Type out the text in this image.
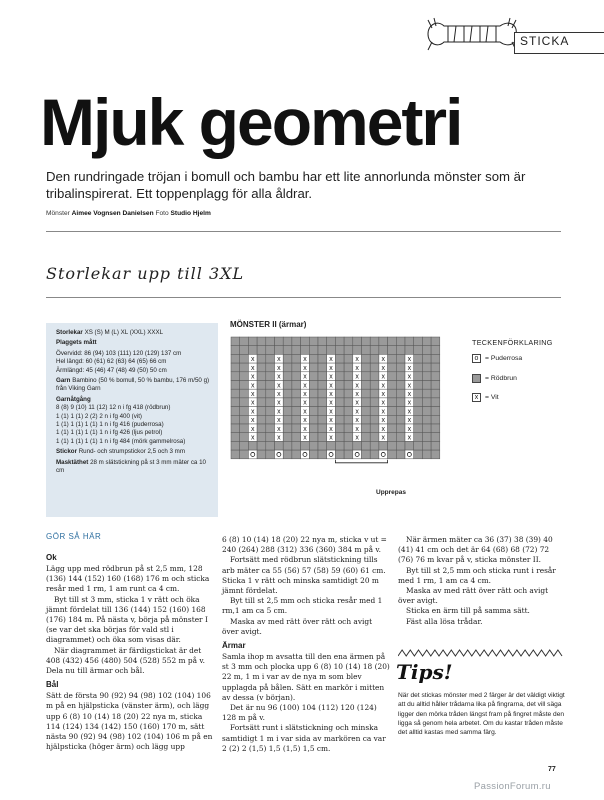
STICKA
Mjuk geometri
Den rundringade tröjan i bomull och bambu har ett lite annorlunda mönster som är tribalinspirerat. Ett toppenplagg för alla åldrar.
Mönster Aimee Vognsen Danielsen Foto Studio Hjelm
Storlekar upp till 3XL

Storlekar XS (S) M (L) XL (XXL) XXXL

Plaggets mått

Övervidd: 86 (94) 103 (111) 120 (129) 137 cm

Hel längd: 60 (61) 62 (63) 64 (65) 66 cm

Ärmlängd: 45 (46) 47 (48) 49 (50) 50 cm

Garn Bambino (50 % bomull, 50 % bambu, 176 m/50 g) från Viking Garn

Garnåtgång

8 (8) 9 (10) 11 (12) 12 n i fg 418 (rödbrun)

1 (1) 1 (1) 2 (2) 2 n i fg 400 (vit)

1 (1) 1 (1) 1 (1) 1 n i fg 416 (puderrosa)

1 (1) 1 (1) 1 (1) 1 n i fg 426 (ljus petrol)

1 (1) 1 (1) 1 (1) 1 n i fg 484 (mörk gammelrosa)

Stickor Rund- och strumpstickor 2,5 och 3 mm

Masktäthet 28 m slätstickning på st 3 mm mäter ca 10 cm

MÖNSTER II (ärmar)
x	x	x	x	x	x	x
x	x	x	x	x	x	x
x	x	x	x	x	x	x
x	x	x	x	x	x	x
x	x	x	x	x	x	x
x	x	x	x	x	x	x
x	x	x	x	x	x	x
x	x	x	x	x	x	x
x	x	x	x	x	x	x
x	x	x	x	x	x	x
Upprepas
TECKENFÖRKLARING
o = Puderrosa
= Rödbrun
x = Vit
GÖR SÅ HÄR
Ok

Lägg upp med rödbrun på st 2,5 mm, 128 (136) 144 (152) 160 (168) 176 m och sticka resår med 1 rm, 1 am runt ca 4 cm.

Byt till st 3 mm, sticka 1 v rätt och öka jämnt fördelat till 136 (144) 152 (160) 168 (176) 184 m. På nästa v, börja på mönster I (se var det ska börjas för vald stl i diagrammet) och öka som visas där.

När diagrammet är färdigstickat är det 408 (432) 456 (480) 504 (528) 552 m på v. Dela nu till ärmar och bål.

Bål

Sätt de första 90 (92) 94 (98) 102 (104) 106 m på en hjälpsticka (vänster ärm), och lägg upp 6 (8) 10 (14) 18 (20) 22 nya m, sticka 114 (124) 134 (142) 150 (160) 170 m, sätt nästa 90 (92) 94 (98) 102 (104) 106 m på en hjälpsticka (höger ärm) och lägg upp

6 (8) 10 (14) 18 (20) 22 nya m, sticka v ut = 240 (264) 288 (312) 336 (360) 384 m på v.

Fortsätt med rödbrun slätstickning tills arb mäter ca 55 (56) 57 (58) 59 (60) 61 cm. Sticka 1 v rätt och minska samtidigt 20 m jämnt fördelat.

Byt till st 2,5 mm och sticka resår med 1 rm,1 am ca 5 cm.

Maska av med rätt över rätt och avigt över avigt.

Ärmar

Samla ihop m avsatta till den ena ärmen på st 3 mm och plocka upp 6 (8) 10 (14) 18 (20) 22 m, 1 m i var av de nya m som blev upplagda på bålen. Sätt en markör i mitten av dessa (v början).

Det är nu 96 (100) 104 (112) 120 (124) 128 m på v.

Fortsätt runt i slätstickning och minska samtidigt 1 m i var sida av markören ca var 2 (2) 2 (1,5) 1,5 (1,5) 1,5 cm.

När ärmen mäter ca 36 (37) 38 (39) 40 (41) 41 cm och det är 64 (68) 68 (72) 72 (76) 76 m kvar på v, sticka mönster II.

Byt till st 2,5 mm och sticka runt i resår med 1 rm, 1 am ca 4 cm.

Maska av med rätt över rätt och avigt över avigt.

Sticka en ärm till på samma sätt.

Fäst alla lösa trådar.

Tips!
När det stickas mönster med 2 färger är det väldigt viktigt att du alltid håller trådarna lika på fingrarna, det vill säga ligger den mörka tråden längst fram på fingret måste den ligga så genom hela arbetet. Om du kastar tråden måste det alltid kastas med samma färg.
77
PassionForum.ru
